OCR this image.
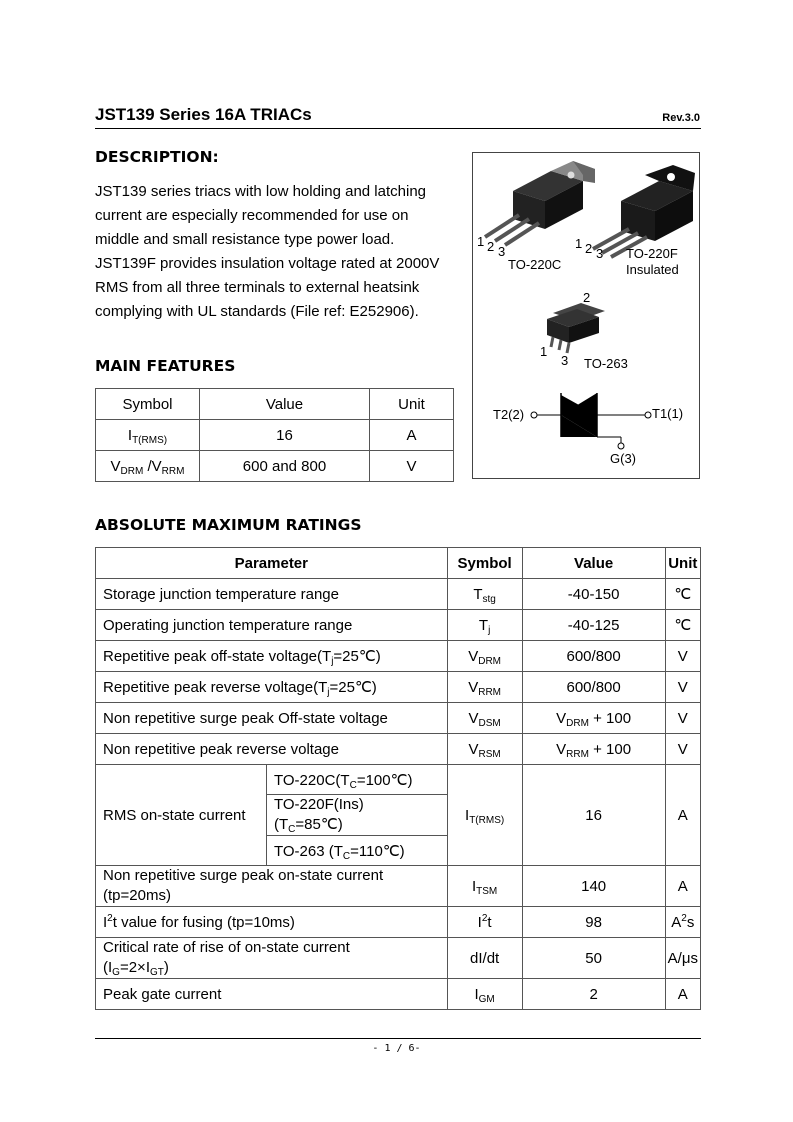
JST139 Series 16A TRIACs	Rev.3.0
DESCRIPTION:

JST139 series triacs with low holding and latching

current are especially recommended for use on

middle and small resistance type power load.

JST139F provides insulation voltage rated at 2000V

RMS from all three terminals to external heatsink

complying with UL standards (File ref: E252906).

MAIN FEATURES
Symbol	Value	Unit
$I_{T(RMS)}$	16	A
$V_{DRM}$ $/V_{RRM}$	600 and 800	V
1 2 3
TO-220C
1 2 3 TO-220F
Insulated
2
1
3 TO-263
T2(2)	T1(1)
G(3)
ABSOLUTE MAXIMUM RATINGS
Parameter		Symbol	Value	Unit
Storage junction temperature range		$T_{stg}$	-40-150	℃
Operating junction temperature range		$T_j$	-40-125	℃
Repetitive peak off-state $voltage(T_j=25℃)$		$V_{DRM}$	600/800	V
Repetitive peak reverse $voltage(T_j=25℃)$		$V_{RRM}$	600/800	V
Non repetitive surge peak Off-state voltage		$V_{DSM}$	$V_{DRM} + 100$	V
Non repetitive peak reverse voltage		$V_{RSM}$	$V_{RRM} + 100$	V
RMS on-state current	$TO-220C(T_C=100℃)$	$I_{T(RMS)}$	16	A

	TO-220F(Ins)
$(T_C=85℃)$			

	TO-263 $(T_C=110℃)$			

Non repetitive surge peak on-state current
(tp=20ms)		$I_{TSM}$	140	A
$I^2t$ value for fusing (tp=10ms)		$I^2t$	98	$A^2s$

Critical rate of rise of on-state current
$(I_G=2\times I_{GT})$		dI/dt	50	A/μs
Peak gate current		$I_{GM}$	2	A
- 1 / 6-
